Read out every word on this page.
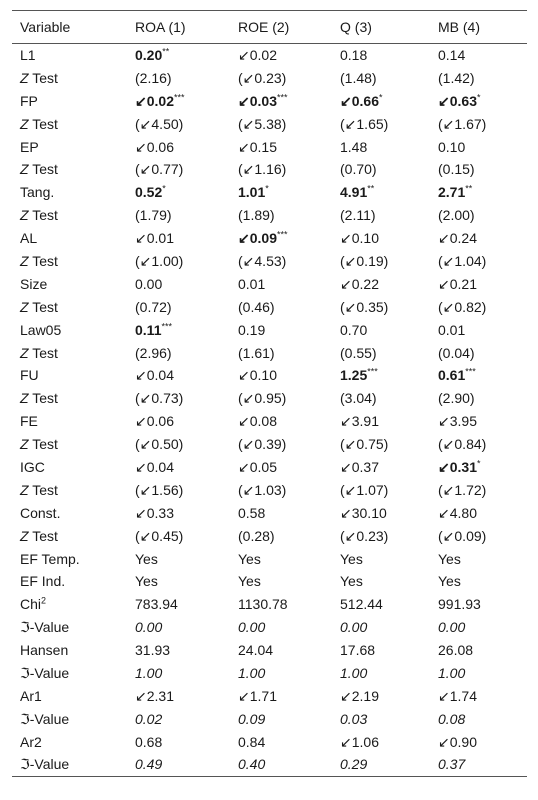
Variable	ROA (1)	ROE (2)	Q (3)	MB (4)
L1	0.20**	↙0.02	0.18	0.14
Z Test	(2.16)	(↙0.23)	(1.48)	(1.42)
FP	↙0.02***	↙0.03***	↙0.66*	↙0.63*
Z Test	(↙4.50)	(↙5.38)	(↙1.65)	(↙1.67)
EP	↙0.06	↙0.15	1.48	0.10
Z Test	(↙0.77)	(↙1.16)	(0.70)	(0.15)
Tang.	0.52*	1.01*	4.91**	2.71**
Z Test	(1.79)	(1.89)	(2.11)	(2.00)
AL	↙0.01	↙0.09***	↙0.10	↙0.24
Z Test	(↙1.00)	(↙4.53)	(↙0.19)	(↙1.04)
Size	0.00	0.01	↙0.22	↙0.21
Z Test	(0.72)	(0.46)	(↙0.35)	(↙0.82)
Law05	0.11***	0.19	0.70	0.01
Z Test	(2.96)	(1.61)	(0.55)	(0.04)
FU	↙0.04	↙0.10	1.25***	0.61***
Z Test	(↙0.73)	(↙0.95)	(3.04)	(2.90)
FE	↙0.06	↙0.08	↙3.91	↙3.95
Z Test	(↙0.50)	(↙0.39)	(↙0.75)	(↙0.84)
IGC	↙0.04	↙0.05	↙0.37	↙0.31*
Z Test	(↙1.56)	(↙1.03)	(↙1.07)	(↙1.72)
Const.	↙0.33	0.58	↙30.10	↙4.80
Z Test	(↙0.45)	(0.28)	(↙0.23)	(↙0.09)
EF Temp.	Yes	Yes	Yes	Yes
EF Ind.	Yes	Yes	Yes	Yes
Chi$^2$	783.94	1130.78	512.44	991.93
ℑ-Value	0.00	0.00	0.00	0.00
Hansen	31.93	24.04	17.68	26.08
ℑ-Value	1.00	1.00	1.00	1.00
Ar1	↙2.31	↙1.71	↙2.19	↙1.74
ℑ-Value	0.02	0.09	0.03	0.08
Ar2	0.68	0.84	↙1.06	↙0.90
ℑ-Value	0.49	0.40	0.29	0.37
